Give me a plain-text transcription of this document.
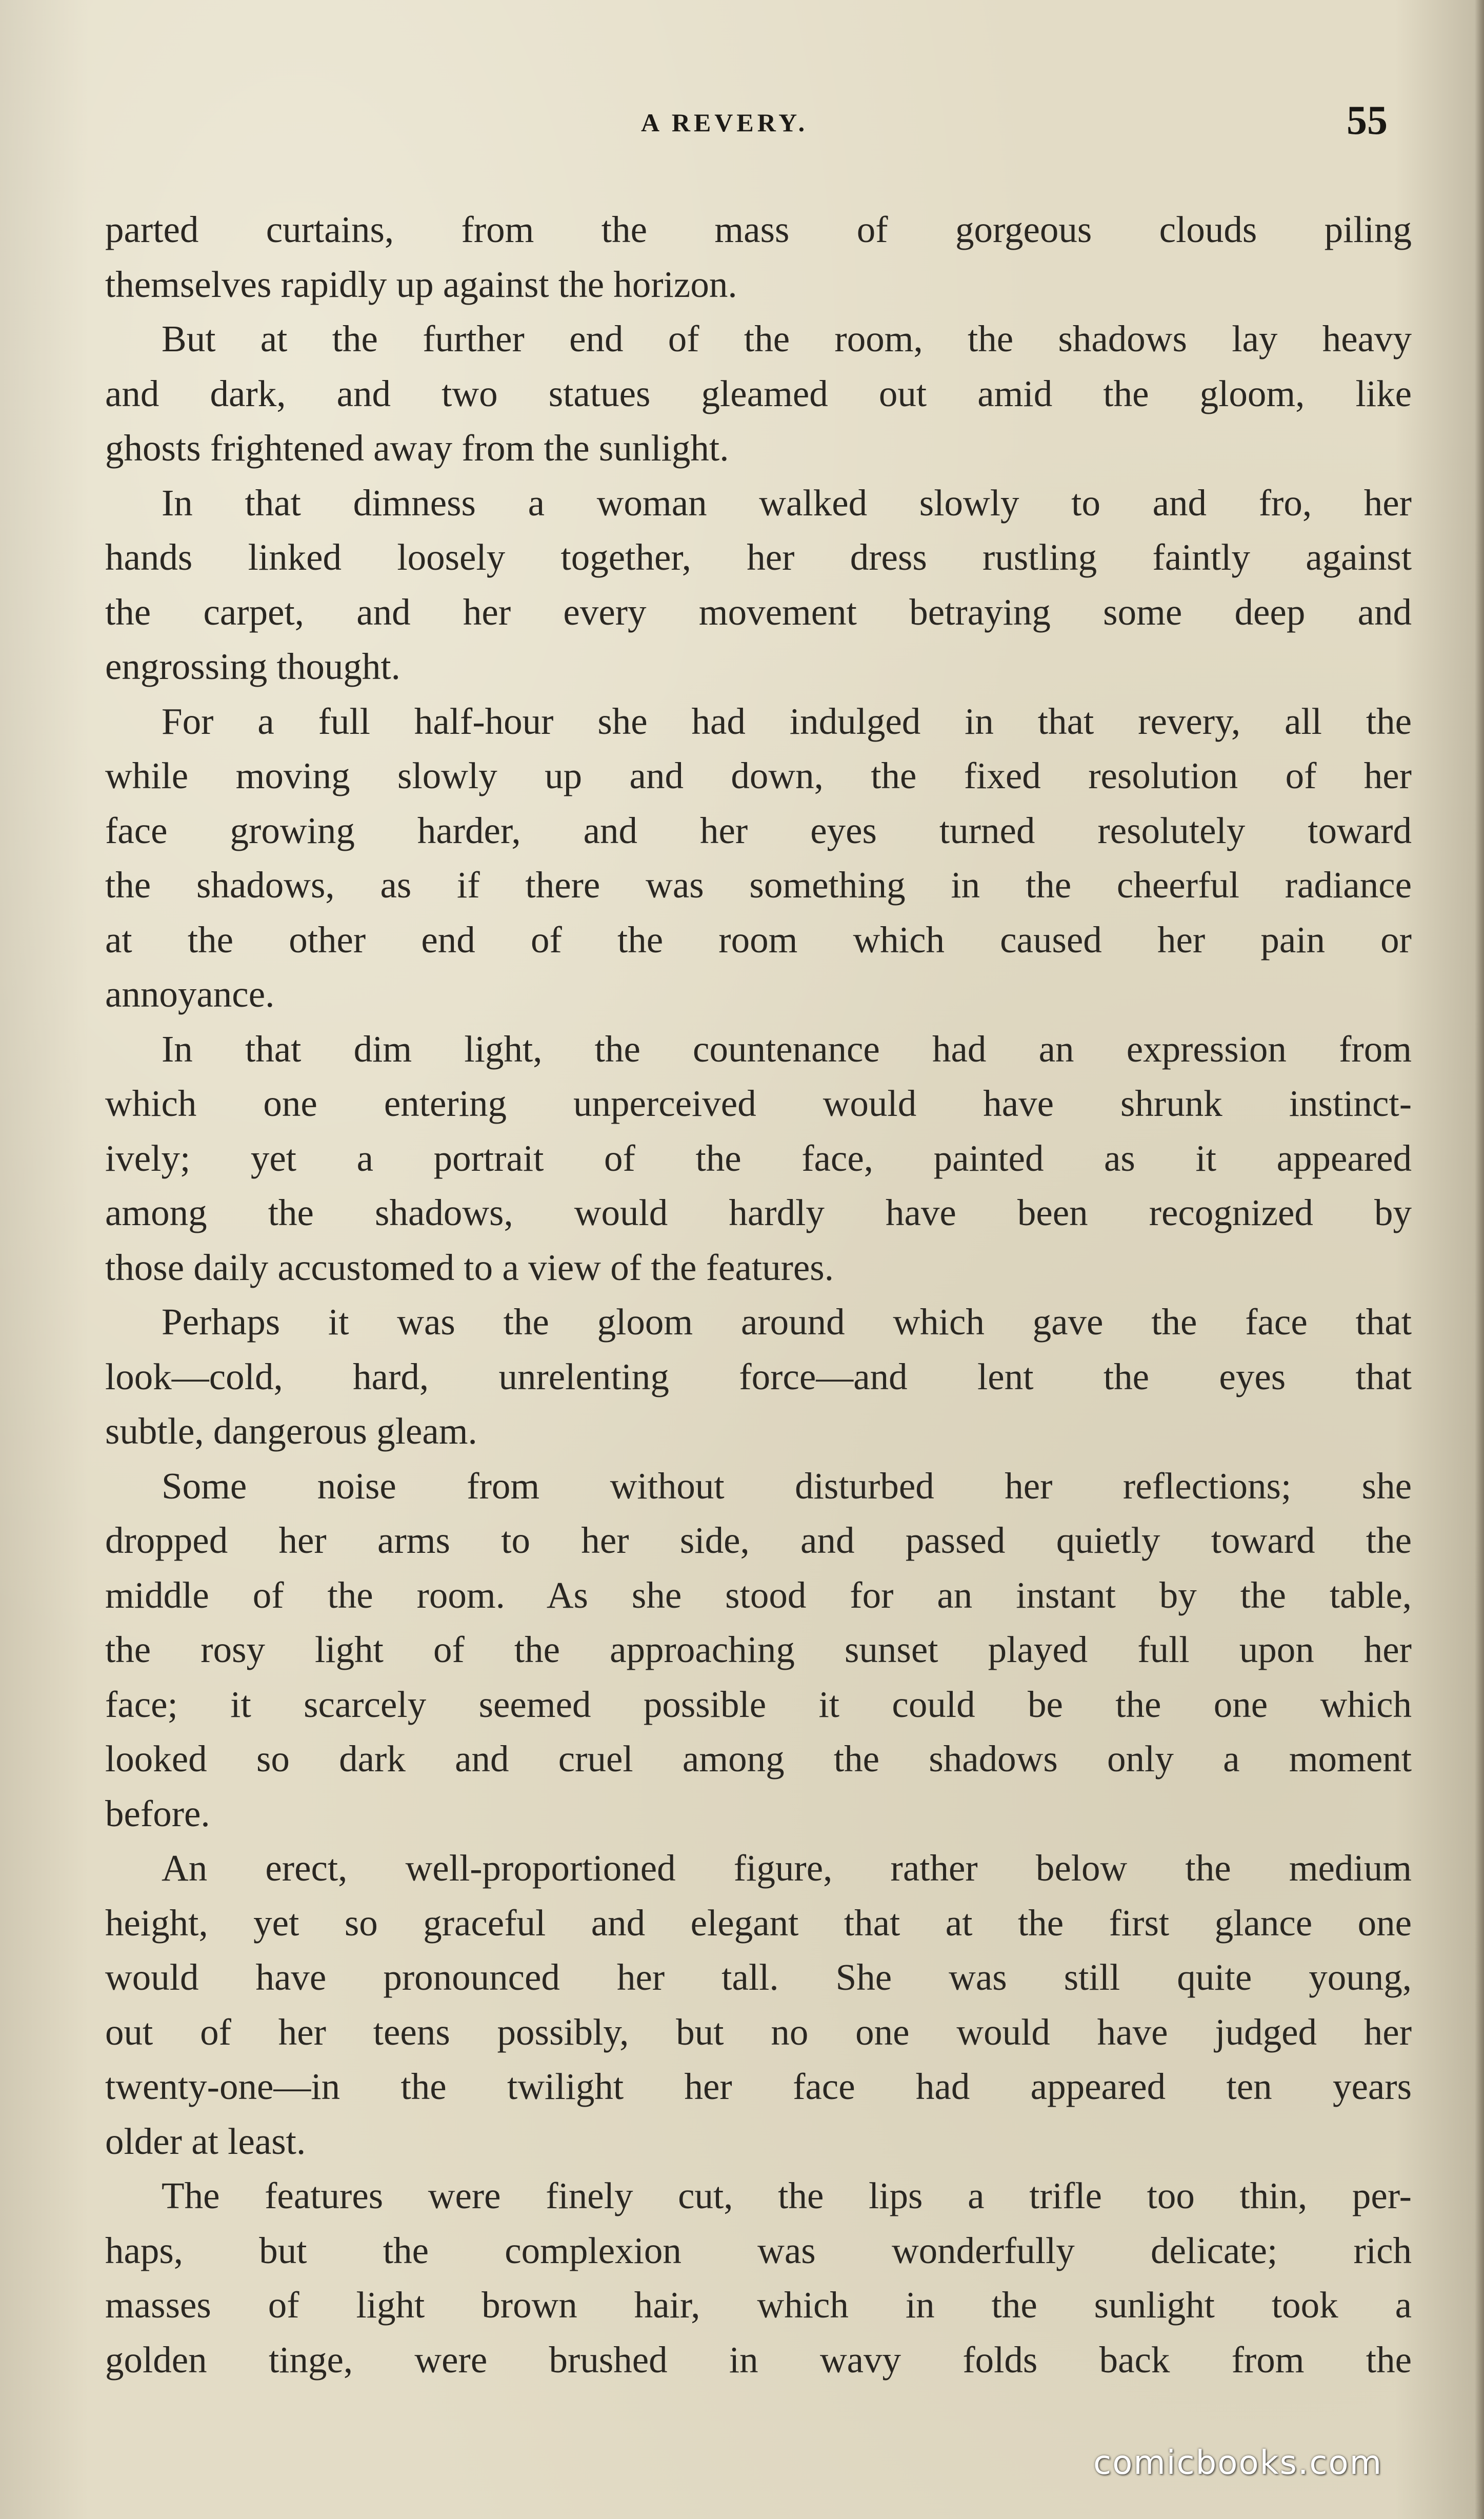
A REVERY.	55
parted curtains, from the mass of gorgeous clouds piling
themselves rapidly up against the horizon.
But at the further end of the room, the shadows lay heavy
and dark, and two statues gleamed out amid the gloom, like
ghosts frightened away from the sunlight.
In that dimness a woman walked slowly to and fro, her
hands linked loosely together, her dress rustling faintly against
the carpet, and her every movement betraying some deep and
engrossing thought.
For a full half-hour she had indulged in that revery, all the
while moving slowly up and down, the fixed resolution of her
face growing harder, and her eyes turned resolutely toward
the shadows, as if there was something in the cheerful radiance
at the other end of the room which caused her pain or
annoyance.
In that dim light, the countenance had an expression from
which one entering unperceived would have shrunk instinct-
ively; yet a portrait of the face, painted as it appeared
among the shadows, would hardly have been recognized by
those daily accustomed to a view of the features.
Perhaps it was the gloom around which gave the face that
look—cold, hard, unrelenting force—and lent the eyes that
subtle, dangerous gleam.
Some noise from without disturbed her reflections; she
dropped her arms to her side, and passed quietly toward the
middle of the room. As she stood for an instant by the table,
the rosy light of the approaching sunset played full upon her
face; it scarcely seemed possible it could be the one which
looked so dark and cruel among the shadows only a moment
before.
An erect, well-proportioned figure, rather below the medium
height, yet so graceful and elegant that at the first glance one
would have pronounced her tall. She was still quite young,
out of her teens possibly, but no one would have judged her
twenty-one—in the twilight her face had appeared ten years
older at least.
The features were finely cut, the lips a trifle too thin, per-
haps, but the complexion was wonderfully delicate; rich
masses of light brown hair, which in the sunlight took a
golden tinge, were brushed in wavy folds back from the
comicbooks.com
